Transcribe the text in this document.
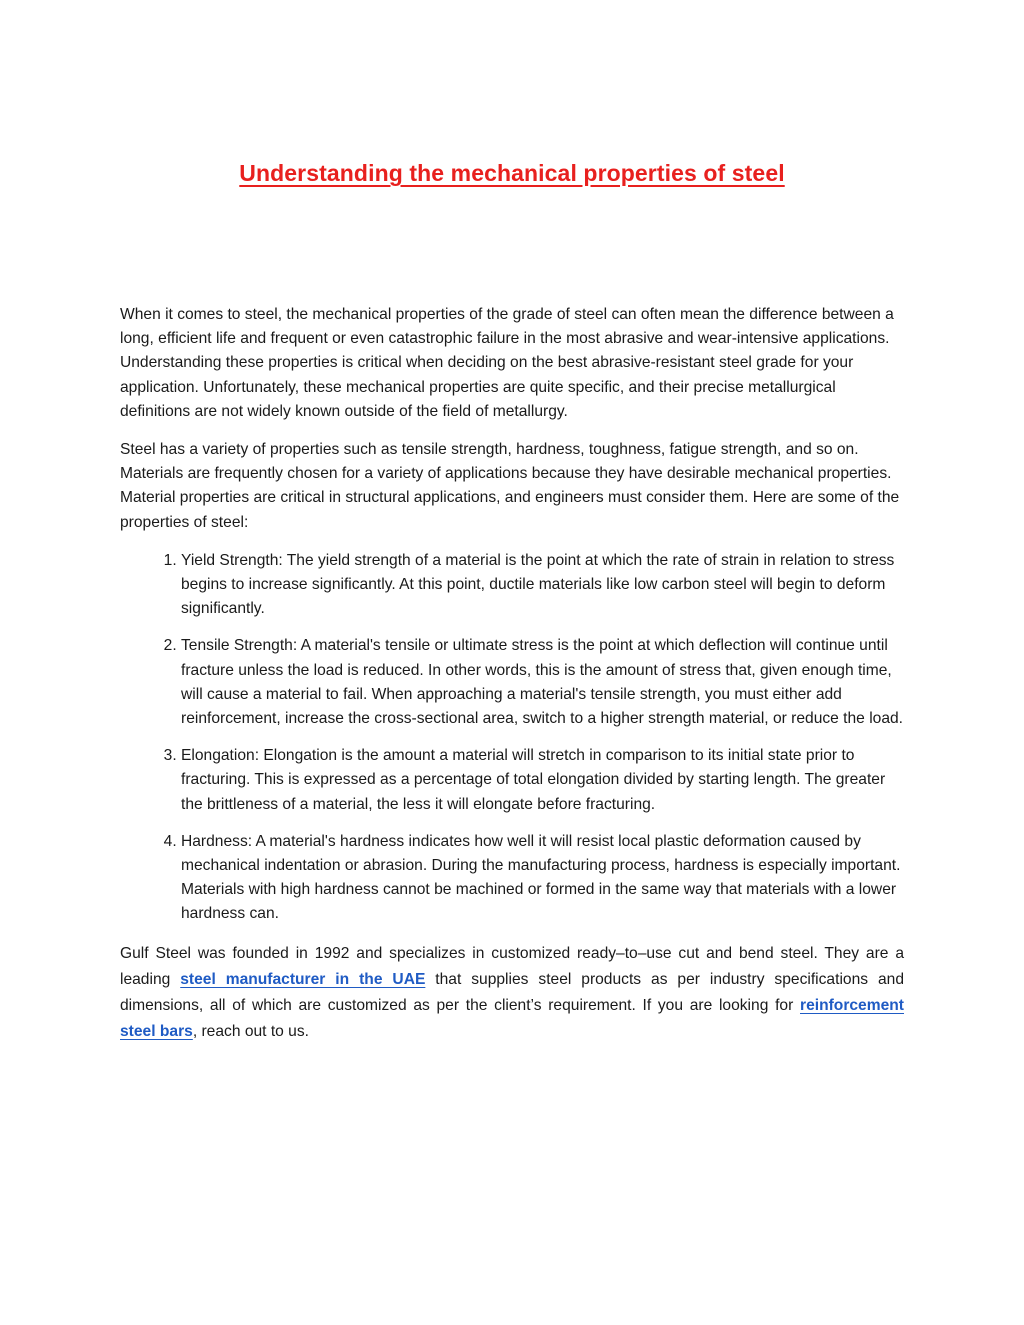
Understanding the mechanical properties of steel

When it comes to steel, the mechanical properties of the grade of steel can often mean the difference between a long, efficient life and frequent or even catastrophic failure in the most abrasive and wear-intensive applications. Understanding these properties is critical when deciding on the best abrasive-resistant steel grade for your application. Unfortunately, these mechanical properties are quite specific, and their precise metallurgical definitions are not widely known outside of the field of metallurgy.

Steel has a variety of properties such as tensile strength, hardness, toughness, fatigue strength, and so on. Materials are frequently chosen for a variety of applications because they have desirable mechanical properties. Material properties are critical in structural applications, and engineers must consider them. Here are some of the properties of steel:

1. Yield Strength: The yield strength of a material is the point at which the rate of strain in relation to stress begins to increase significantly. At this point, ductile materials like low carbon steel will begin to deform significantly.
2. Tensile Strength: A material's tensile or ultimate stress is the point at which deflection will continue until fracture unless the load is reduced. In other words, this is the amount of stress that, given enough time, will cause a material to fail. When approaching a material's tensile strength, you must either add reinforcement, increase the cross-sectional area, switch to a higher strength material, or reduce the load.
3. Elongation: Elongation is the amount a material will stretch in comparison to its initial state prior to fracturing. This is expressed as a percentage of total elongation divided by starting length. The greater the brittleness of a material, the less it will elongate before fracturing.
4. Hardness: A material's hardness indicates how well it will resist local plastic deformation caused by mechanical indentation or abrasion. During the manufacturing process, hardness is especially important. Materials with high hardness cannot be machined or formed in the same way that materials with a lower hardness can.

Gulf Steel was founded in 1992 and specializes in customized ready–to–use cut and bend steel. They are a leading steel manufacturer in the UAE that supplies steel products as per industry specifications and dimensions, all of which are customized as per the client’s requirement. If you are looking for reinforcement steel bars, reach out to us.
